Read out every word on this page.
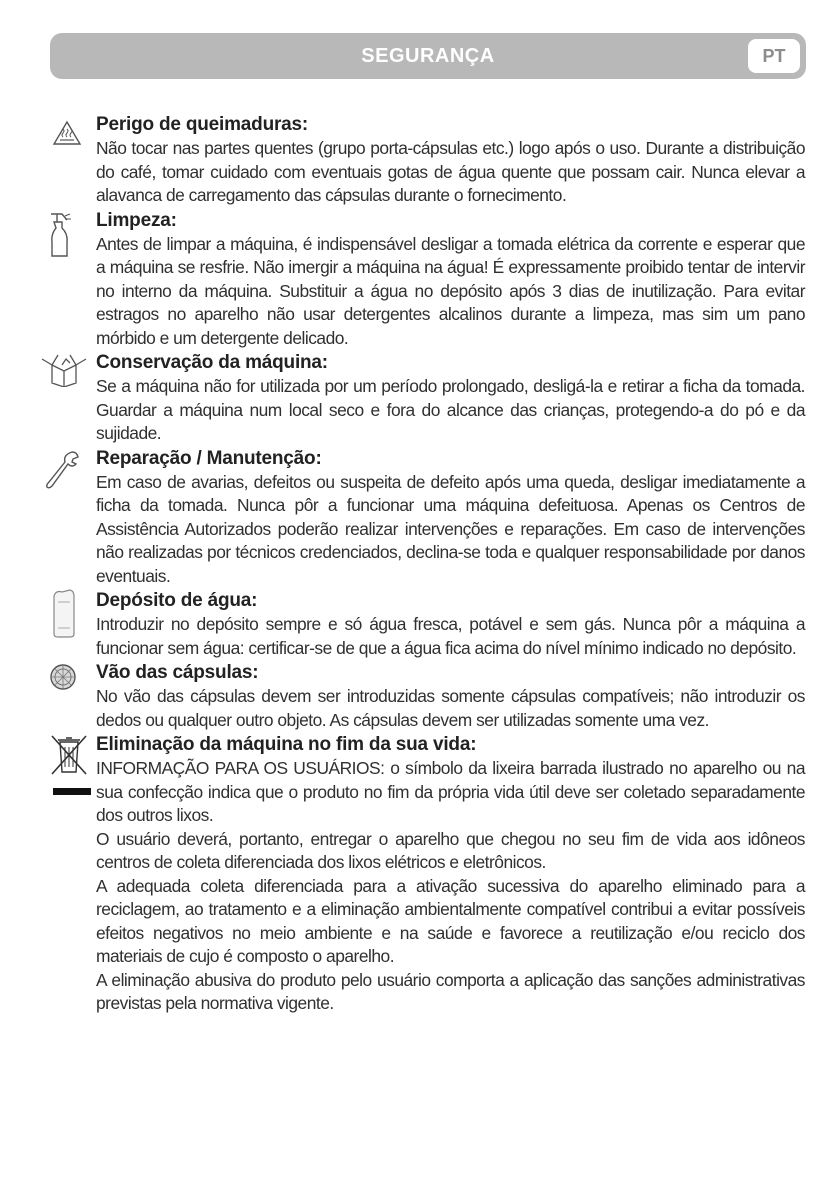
SEGURANÇA	PT
Perigo de queimaduras:

Não tocar nas partes quentes (grupo porta-cápsulas etc.) logo após o uso. Durante a distribuição do café, tomar cuidado com eventuais gotas de água quente que possam cair. Nunca elevar a alavanca de carregamento das cápsulas durante o fornecimento.

Limpeza:

Antes de limpar a máquina, é indispensável desligar a tomada elétrica da corrente e esperar que a máquina se resfrie. Não imergir a máquina na água! É expressamente proibido tentar de intervir no interno da máquina. Substituir a água no depósito após 3 dias de inutilização. Para evitar estragos no aparelho não usar detergentes alcalinos durante a limpeza, mas sim um pano mórbido e um detergente delicado.

Conservação da máquina:

Se a máquina não for utilizada por um período prolongado, desligá-la e retirar a ficha da tomada. Guardar a máquina num local seco e fora do alcance das crianças, protegendo-a do pó e da sujidade.

Reparação / Manutenção:

Em caso de avarias, defeitos ou suspeita de defeito após uma queda, desligar imediatamente a ficha da tomada. Nunca pôr a funcionar uma máquina defeituosa. Apenas os Centros de Assistência Autorizados poderão realizar intervenções e reparações. Em caso de intervenções não realizadas por técnicos credenciados, declina-se toda e qualquer responsabilidade por danos eventuais.

Depósito de água:

Introduzir no depósito sempre e só água fresca, potável e sem gás. Nunca pôr a máquina a funcionar sem água: certificar-se de que a água fica acima do nível mínimo indicado no depósito.

Vão das cápsulas:

No vão das cápsulas devem ser introduzidas somente cápsulas compatíveis; não introduzir os dedos ou qualquer outro objeto. As cápsulas devem ser utilizadas somente uma vez.

Eliminação da máquina no fim da sua vida:

INFORMAÇÃO PARA OS USUÁRIOS: o símbolo da lixeira barrada ilustrado no aparelho ou na sua confecção indica que o produto no fim da própria vida útil deve ser coletado separadamente dos outros lixos.

O usuário deverá, portanto, entregar o aparelho que chegou no seu fim de vida aos idôneos centros de coleta diferenciada dos lixos elétricos e eletrônicos.

A adequada coleta diferenciada para a ativação sucessiva do aparelho eliminado para a reciclagem, ao tratamento e a eliminação ambientalmente compatível contribui a evitar possíveis efeitos negativos no meio ambiente e na saúde e favorece a reutilização e/ou reciclo dos materiais de cujo é composto o aparelho.

A eliminação abusiva do produto pelo usuário comporta a aplicação das sanções administrativas previstas pela normativa vigente.
